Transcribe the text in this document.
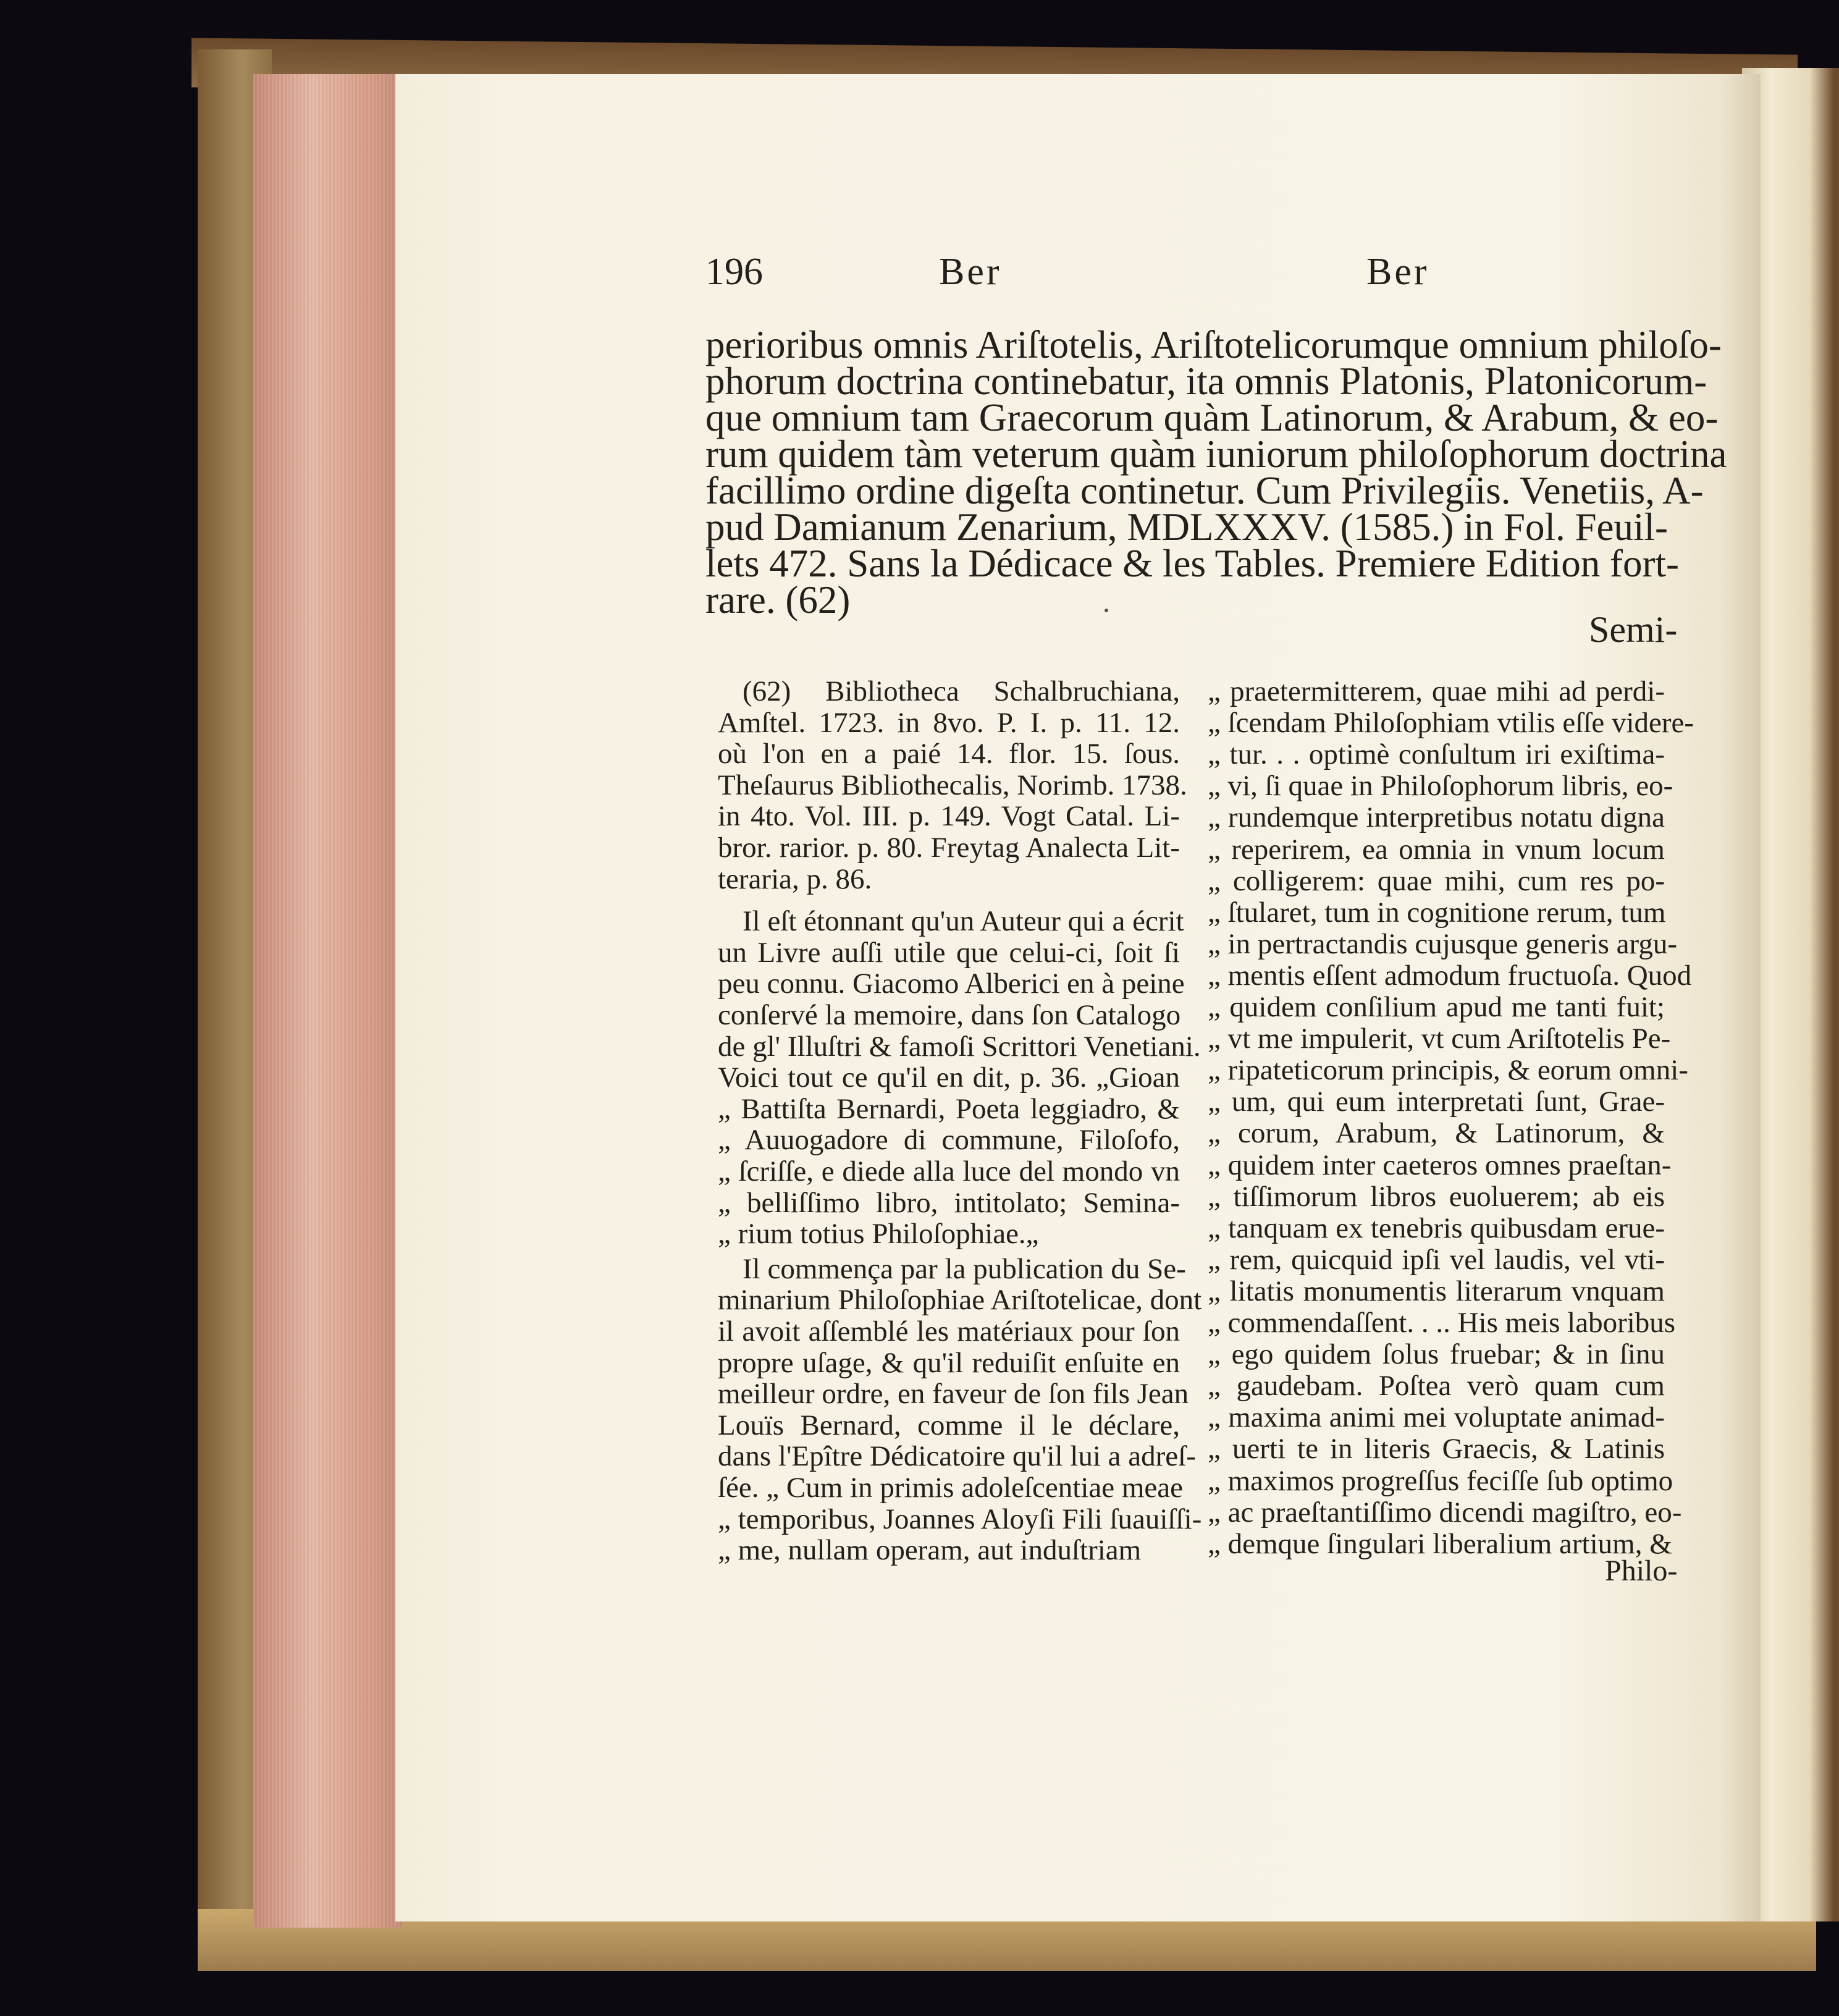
196	Ber	Ber
perioribus omnis Ariſtotelis, Ariſtotelicorumque omnium philoſo-
phorum doctrina continebatur, ita omnis Platonis, Platonicorum-
que omnium tam Graecorum quàm Latinorum, & Arabum, & eo-
rum quidem tàm veterum quàm iuniorum philoſophorum doctrina
facillimo ordine digeſta continetur. Cum Privilegiis. Venetiis, A-
pud Damianum Zenarium, MDLXXXV. (1585.) in Fol. Feuil-
lets 472. Sans la Dédicace & les Tables. Premiere Edition fort-
rare. (62)
Semi-
(62) Bibliotheca Schalbruchiana,
Amſtel. 1723. in 8vo. P. I. p. 11. 12.
où l'on en a paié 14. flor. 15. ſous.
Theſaurus Bibliothecalis, Norimb. 1738.
in 4to. Vol. III. p. 149. Vogt Catal. Li-
bror. rarior. p. 80. Freytag Analecta Lit-
teraria, p. 86.
Il eſt étonnant qu'un Auteur qui a écrit
un Livre auſſi utile que celui-ci, ſoit ſi
peu connu. Giacomo Alberici en à peine
conſervé la memoire, dans ſon Catalogo
de gl' Illuſtri & famoſi Scrittori Venetiani.
Voici tout ce qu'il en dit, p. 36. „Gioan
„ Battiſta Bernardi, Poeta leggiadro, &
„ Auuogadore di commune, Filoſofo,
„ ſcriſſe, e diede alla luce del mondo vn
„ belliſſimo libro, intitolato; Semina-
„ rium totius Philoſophiae.„
Il commença par la publication du Se-
minarium Philoſophiae Ariſtotelicae, dont
il avoit aſſemblé les matériaux pour ſon
propre uſage, & qu'il reduiſit enſuite en
meilleur ordre, en faveur de ſon fils Jean
Louïs Bernard, comme il le déclare,
dans l'Epître Dédicatoire qu'il lui a adreſ-
ſée. „ Cum in primis adoleſcentiae meae
„ temporibus, Joannes Aloyſi Fili ſuauiſſi-
„ me, nullam operam, aut induſtriam
„ praetermitterem, quae mihi ad perdi-
„ ſcendam Philoſophiam vtilis eſſe videre-
„ tur. . . optimè conſultum iri exiſtima-
„ vi, ſi quae in Philoſophorum libris, eo-
„ rundemque interpretibus notatu digna
„ reperirem, ea omnia in vnum locum
„ colligerem: quae mihi, cum res po-
„ ſtularet, tum in cognitione rerum, tum
„ in pertractandis cujusque generis argu-
„ mentis eſſent admodum fructuoſa. Quod
„ quidem conſilium apud me tanti fuit;
„ vt me impulerit, vt cum Ariſtotelis Pe-
„ ripateticorum principis, & eorum omni-
„ um, qui eum interpretati ſunt, Grae-
„ corum, Arabum, & Latinorum, &
„ quidem inter caeteros omnes praeſtan-
„ tiſſimorum libros euoluerem; ab eis
„ tanquam ex tenebris quibusdam erue-
„ rem, quicquid ipſi vel laudis, vel vti-
„ litatis monumentis literarum vnquam
„ commendaſſent. . .. His meis laboribus
„ ego quidem ſolus fruebar; & in ſinu
„ gaudebam. Poſtea verò quam cum
„ maxima animi mei voluptate animad-
„ uerti te in literis Graecis, & Latinis
„ maximos progreſſus feciſſe ſub optimo
„ ac praeſtantiſſimo dicendi magiſtro, eo-
„ demque ſingulari liberalium artium, &
Philo-
